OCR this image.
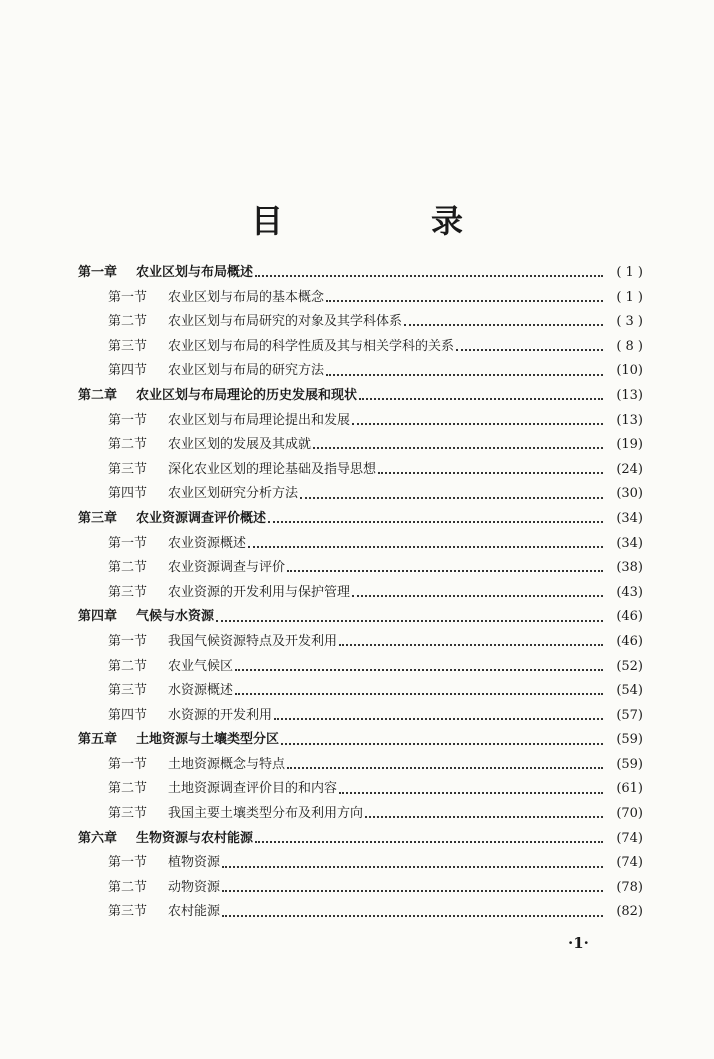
目　录
第一章	农业区划与布局概述	( 1 )
第一节	农业区划与布局的基本概念	( 1 )
第二节	农业区划与布局研究的对象及其学科体系	( 3 )
第三节	农业区划与布局的科学性质及其与相关学科的关系	( 8 )
第四节	农业区划与布局的研究方法	(10)
第二章	农业区划与布局理论的历史发展和现状	(13)
第一节	农业区划与布局理论提出和发展	(13)
第二节	农业区划的发展及其成就	(19)
第三节	深化农业区划的理论基础及指导思想	(24)
第四节	农业区划研究分析方法	(30)
第三章	农业资源调查评价概述	(34)
第一节	农业资源概述	(34)
第二节	农业资源调查与评价	(38)
第三节	农业资源的开发利用与保护管理	(43)
第四章	气候与水资源	(46)
第一节	我国气候资源特点及开发利用	(46)
第二节	农业气候区	(52)
第三节	水资源概述	(54)
第四节	水资源的开发利用	(57)
第五章	土地资源与土壤类型分区	(59)
第一节	土地资源概念与特点	(59)
第二节	土地资源调查评价目的和内容	(61)
第三节	我国主要土壤类型分布及利用方向	(70)
第六章	生物资源与农村能源	(74)
第一节	植物资源	(74)
第二节	动物资源	(78)
第三节	农村能源	(82)
·1·
